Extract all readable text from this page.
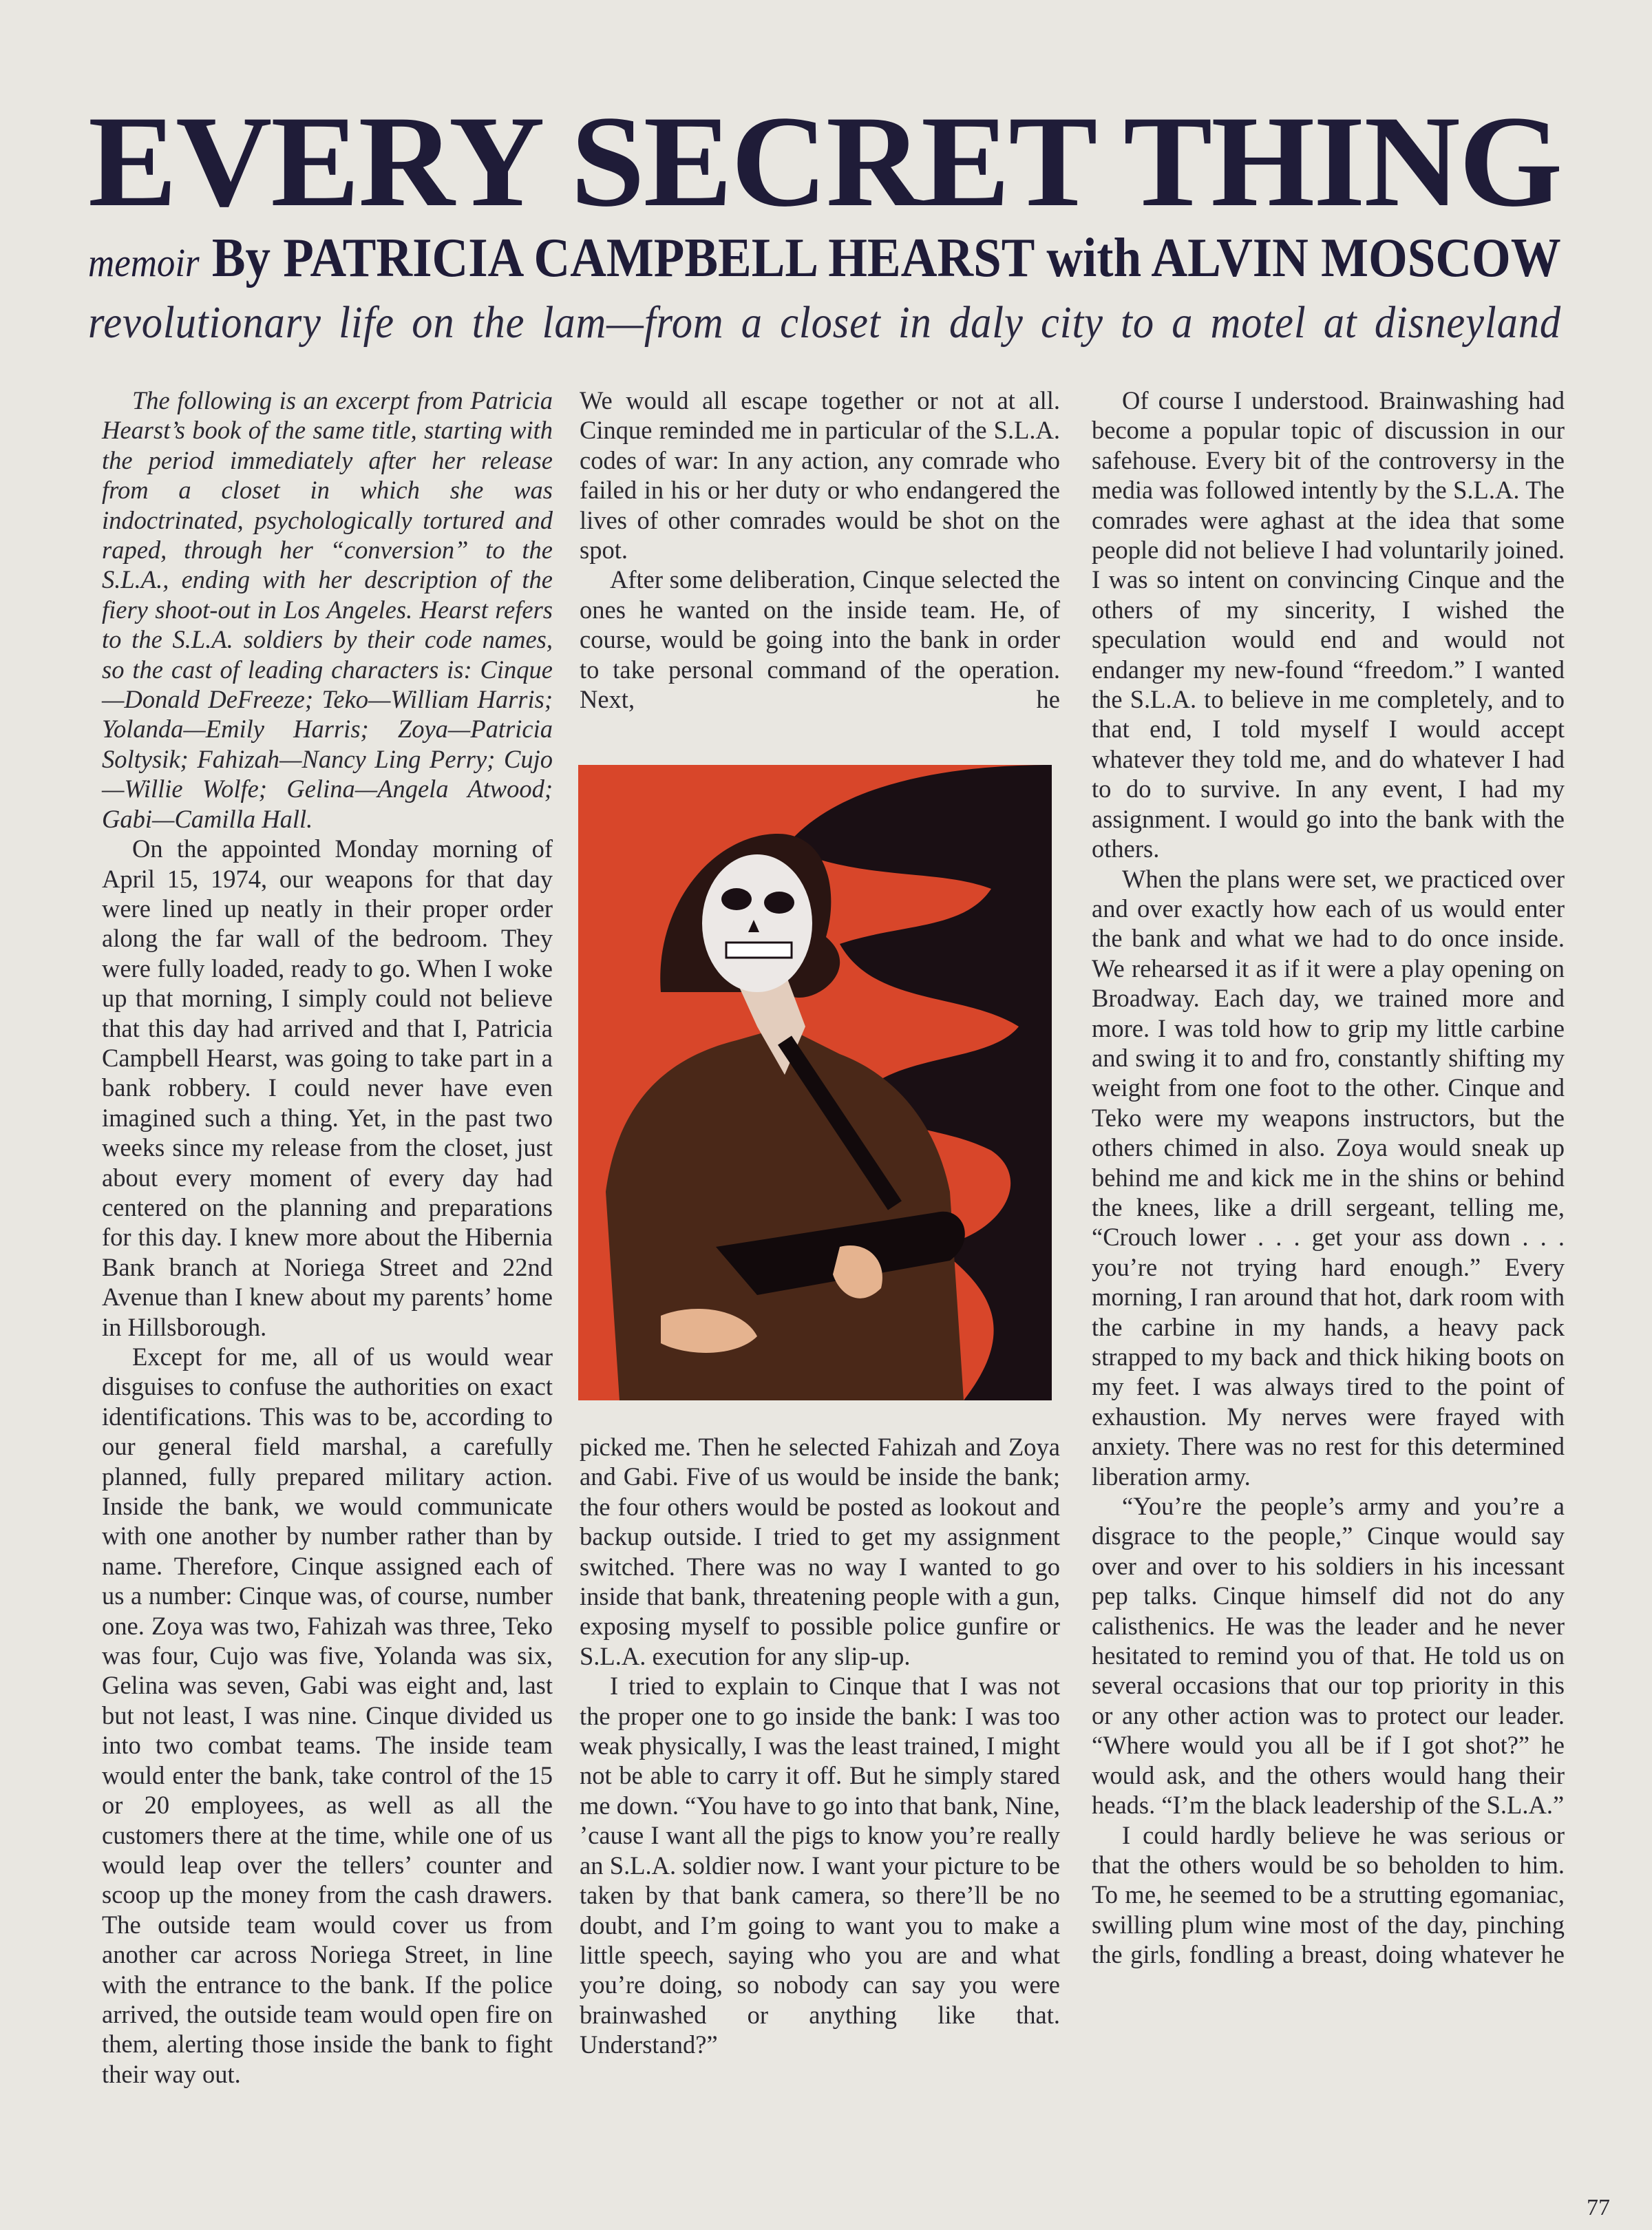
EVERY SECRET THING
memoir By PATRICIA CAMPBELL HEARST with ALVIN MOSCOW
revolutionary life on the lam—from a closet in daly city to a motel at disneyland

The following is an excerpt from Patricia Hearst’s book of the same title, starting with the period immediately after her release from a closet in which she was indoctrinated, psychologically tortured and raped, through her “conversion” to the S.L.A., ending with her description of the fiery shoot-out in Los Angeles. Hearst refers to the S.L.A. soldiers by their code names, so the cast of leading characters is: Cinque—Donald DeFreeze; Teko—William Harris; Yolanda—Emily Harris; Zoya—Patricia Soltysik; Fahizah—Nancy Ling Perry; Cujo—Willie Wolfe; Gelina—Angela Atwood; Gabi—Camilla Hall.

On the appointed Monday morning of April 15, 1974, our weapons for that day were lined up neatly in their proper order along the far wall of the bedroom. They were fully loaded, ready to go. When I woke up that morning, I simply could not believe that this day had arrived and that I, Patricia Campbell Hearst, was going to take part in a bank robbery. I could never have even imagined such a thing. Yet, in the past two weeks since my release from the closet, just about every moment of every day had centered on the planning and preparations for this day. I knew more about the Hibernia Bank branch at Noriega Street and 22nd Avenue than I knew about my parents’ home in Hillsborough.

Except for me, all of us would wear disguises to confuse the authorities on exact identifications. This was to be, according to our general field marshal, a carefully planned, fully prepared military action. Inside the bank, we would communicate with one another by number rather than by name. Therefore, Cinque assigned each of us a number: Cinque was, of course, number one. Zoya was two, Fahizah was three, Teko was four, Cujo was five, Yolanda was six, Gelina was seven, Gabi was eight and, last but not least, I was nine. Cinque divided us into two combat teams. The inside team would enter the bank, take control of the 15 or 20 employees, as well as all the customers there at the time, while one of us would leap over the tellers’ counter and scoop up the money from the cash drawers. The outside team would cover us from another car across Noriega Street, in line with the entrance to the bank. If the police arrived, the outside team would open fire on them, alerting those inside the bank to fight their way out.

We would all escape together or not at all. Cinque reminded me in particular of the S.L.A. codes of war: In any action, any comrade who failed in his or her duty or who endangered the lives of other comrades would be shot on the spot.

After some deliberation, Cinque selected the ones he wanted on the inside team. He, of course, would be going into the bank in order to take personal command of the operation. Next, he

picked me. Then he selected Fahizah and Zoya and Gabi. Five of us would be inside the bank; the four others would be posted as lookout and backup outside. I tried to get my assignment switched. There was no way I wanted to go inside that bank, threatening people with a gun, exposing myself to possible police gunfire or S.L.A. execution for any slip-up.

I tried to explain to Cinque that I was not the proper one to go inside the bank: I was too weak physically, I was the least trained, I might not be able to carry it off. But he simply stared me down. “You have to go into that bank, Nine, ’cause I want all the pigs to know you’re really an S.L.A. soldier now. I want your picture to be taken by that bank camera, so there’ll be no doubt, and I’m going to want you to make a little speech, saying who you are and what you’re doing, so nobody can say you were brainwashed or anything like that. Understand?”

Of course I understood. Brainwashing had become a popular topic of discussion in our safehouse. Every bit of the controversy in the media was followed intently by the S.L.A. The comrades were aghast at the idea that some people did not believe I had voluntarily joined. I was so intent on convincing Cinque and the others of my sincerity, I wished the speculation would end and would not endanger my new-found “freedom.” I wanted the S.L.A. to believe in me completely, and to that end, I told myself I would accept whatever they told me, and do whatever I had to do to survive. In any event, I had my assignment. I would go into the bank with the others.

When the plans were set, we practiced over and over exactly how each of us would enter the bank and what we had to do once inside. We rehearsed it as if it were a play opening on Broadway. Each day, we trained more and more. I was told how to grip my little carbine and swing it to and fro, constantly shifting my weight from one foot to the other. Cinque and Teko were my weapons instructors, but the others chimed in also. Zoya would sneak up behind me and kick me in the shins or behind the knees, like a drill sergeant, telling me, “Crouch lower . . . get your ass down . . . you’re not trying hard enough.” Every morning, I ran around that hot, dark room with the carbine in my hands, a heavy pack strapped to my back and thick hiking boots on my feet. I was always tired to the point of exhaustion. My nerves were frayed with anxiety. There was no rest for this determined liberation army.

“You’re the people’s army and you’re a disgrace to the people,” Cinque would say over and over to his soldiers in his incessant pep talks. Cinque himself did not do any calisthenics. He was the leader and he never hesitated to remind you of that. He told us on several occasions that our top priority in this or any other action was to protect our leader. “Where would you all be if I got shot?” he would ask, and the others would hang their heads. “I’m the black leadership of the S.L.A.”

I could hardly believe he was serious or that the others would be so beholden to him. To me, he seemed to be a strutting egomaniac, swilling plum wine most of the day, pinching the girls, fondling a breast, doing whatever he

77
